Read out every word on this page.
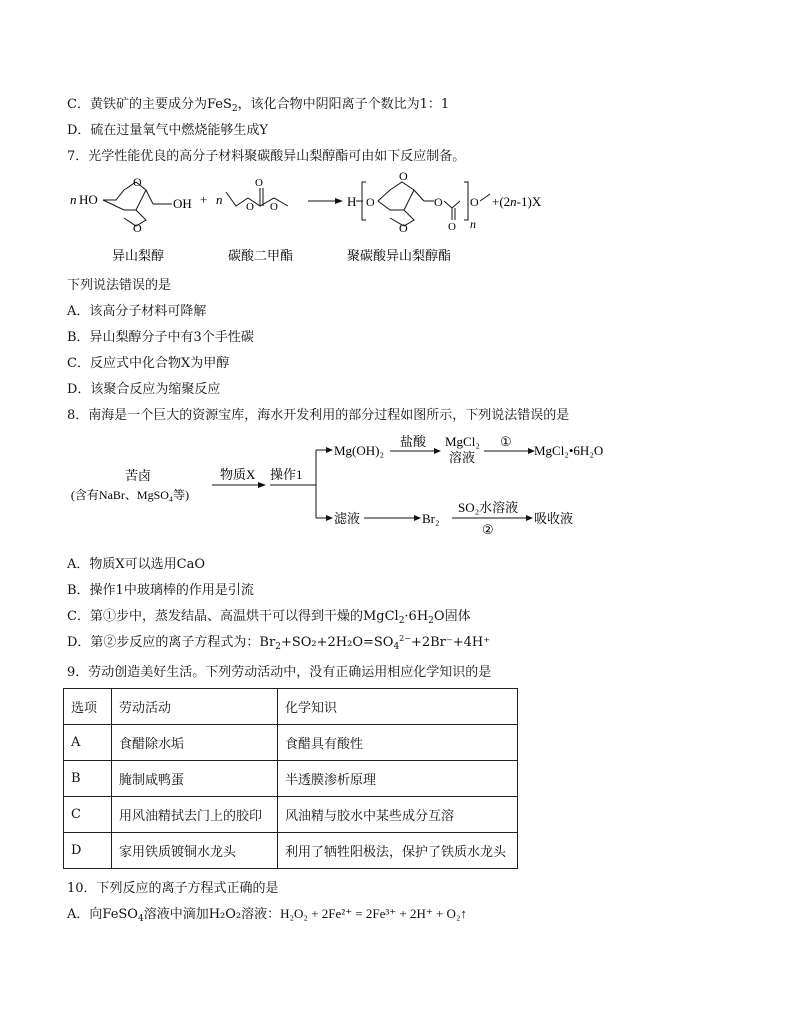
C．黄铁矿的主要成分为FeS$_2$，该化合物中阴阳离子个数比为1：1
D．硫在过量氧气中燃烧能够生成Y
7．光学性能优良的高分子材料聚碳酸异山梨醇酯可由如下反应制备。
n HO
O
O
OH + n
O
O O	H O
O
O
O
O n
O +(2n-1)X
异山梨醇	碳酸二甲酯	聚碳酸异山梨醇酯
下列说法错误的是
A．该高分子材料可降解
B．异山梨醇分子中有3个手性碳
C．反应式中化合物X为甲醇
D．该聚合反应为缩聚反应
8．南海是一个巨大的资源宝库，海水开发利用的部分过程如图所示，下列说法错误的是
苦卤
(含有NaBr、MgSO₄等)
物质X 操作1
Mg(OH)₂
盐酸 MgCl₂
溶液
①
MgCl₂•6H₂O
滤液	Br₂
SO₂水溶液
②
吸收液
A．物质X可以选用CaO
B．操作1中玻璃棒的作用是引流
C．第①步中，蒸发结晶、高温烘干可以得到干燥的$MgCl_2\cdot 6H_2O$固体
D．第②步反应的离子方程式为：$Br_2+SO_2+2H_2O=SO_4^{2-}+2Br^-+4H^+$
9．劳动创造美好生活。下列劳动活动中，没有正确运用相应化学知识的是
选项	劳动活动	化学知识
A	食醋除水垢	食醋具有酸性
B	腌制咸鸭蛋	半透膜渗析原理
C	用风油精拭去门上的胶印	风油精与胶水中某些成分互溶
D	家用铁质镀铜水龙头	利用了牺牲阳极法，保护了铁质水龙头
10．下列反应的离子方程式正确的是
A．向FeSO$_4$溶液中滴加H₂O₂溶液：H₂O₂ + 2Fe²⁺ = 2Fe³⁺ + 2H⁺ + O₂↑
